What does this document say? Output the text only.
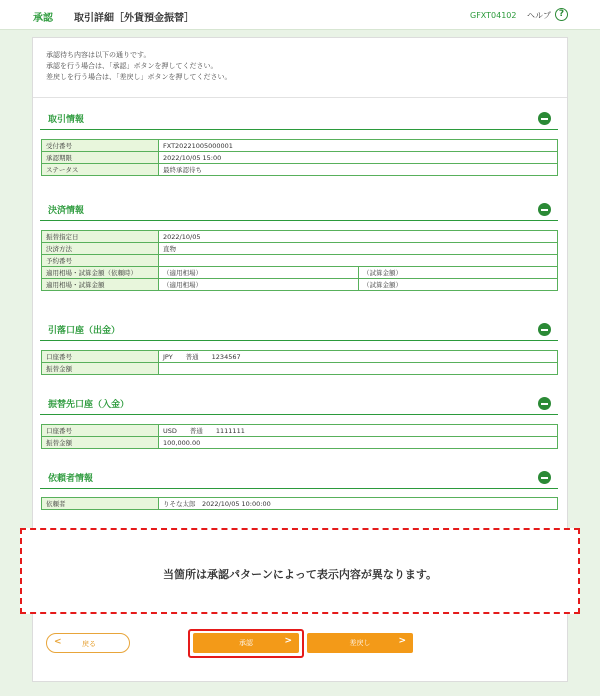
承認 取引詳細［外貨預金振替］	GFXT04102 ヘルプ ?
承認待ち内容は以下の通りです。
承認を行う場合は、「承認」ボタンを押してください。
差戻しを行う場合は、「差戻し」ボタンを押してください。
取引情報
受付番号	FXT20221005000001
承認期限	2022/10/05 15:00
ステータス	最終承認待ち
決済情報
振替指定日	2022/10/05	
決済方法	直物	
予約番号		
適用相場・試算金額（依頼時）	（適用相場）	（試算金額）
適用相場・試算金額	（適用相場）	（試算金額）
引落口座（出金）
口座番号	JPY　　普通　　1234567
振替金額	
振替先口座（入金）
口座番号	USD　　普通　　1111111
振替金額	100,000.00
依頼者情報
依頼者	りそな太郎　2022/10/05 10:00:00
当箇所は承認パターンによって表示内容が異なります。
<	戻る	承認	>	差戻し	>
